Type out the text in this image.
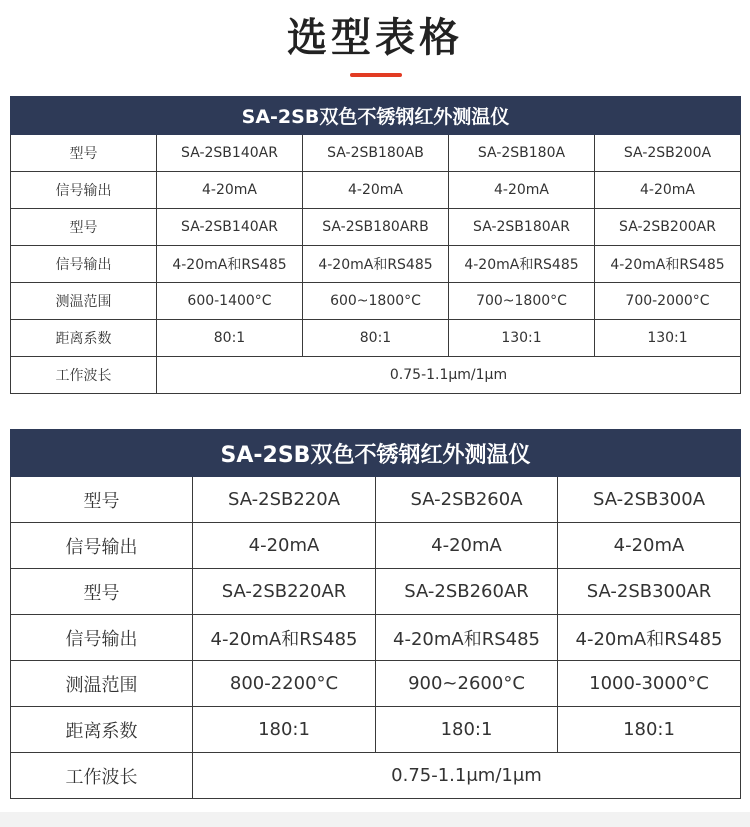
选型表格
SA-2SB双色不锈钢红外测温仪				
型号	SA-2SB140AR	SA-2SB180AB	SA-2SB180A	SA-2SB200A
信号输出	4-20mA	4-20mA	4-20mA	4-20mA
型号	SA-2SB140AR	SA-2SB180ARB	SA-2SB180AR	SA-2SB200AR
信号输出	4-20mA和RS485	4-20mA和RS485	4-20mA和RS485	4-20mA和RS485
测温范围	600-1400°C	600~1800°C	700~1800°C	700-2000°C
距离系数	80:1	80:1	130:1	130:1
工作波长	0.75-1.1μm/1μm			
SA-2SB双色不锈钢红外测温仪			
型号	SA-2SB220A	SA-2SB260A	SA-2SB300A
信号输出	4-20mA	4-20mA	4-20mA
型号	SA-2SB220AR	SA-2SB260AR	SA-2SB300AR
信号输出	4-20mA和RS485	4-20mA和RS485	4-20mA和RS485
测温范围	800-2200°C	900~2600°C	1000-3000°C
距离系数	180:1	180:1	180:1
工作波长	0.75-1.1μm/1μm		
